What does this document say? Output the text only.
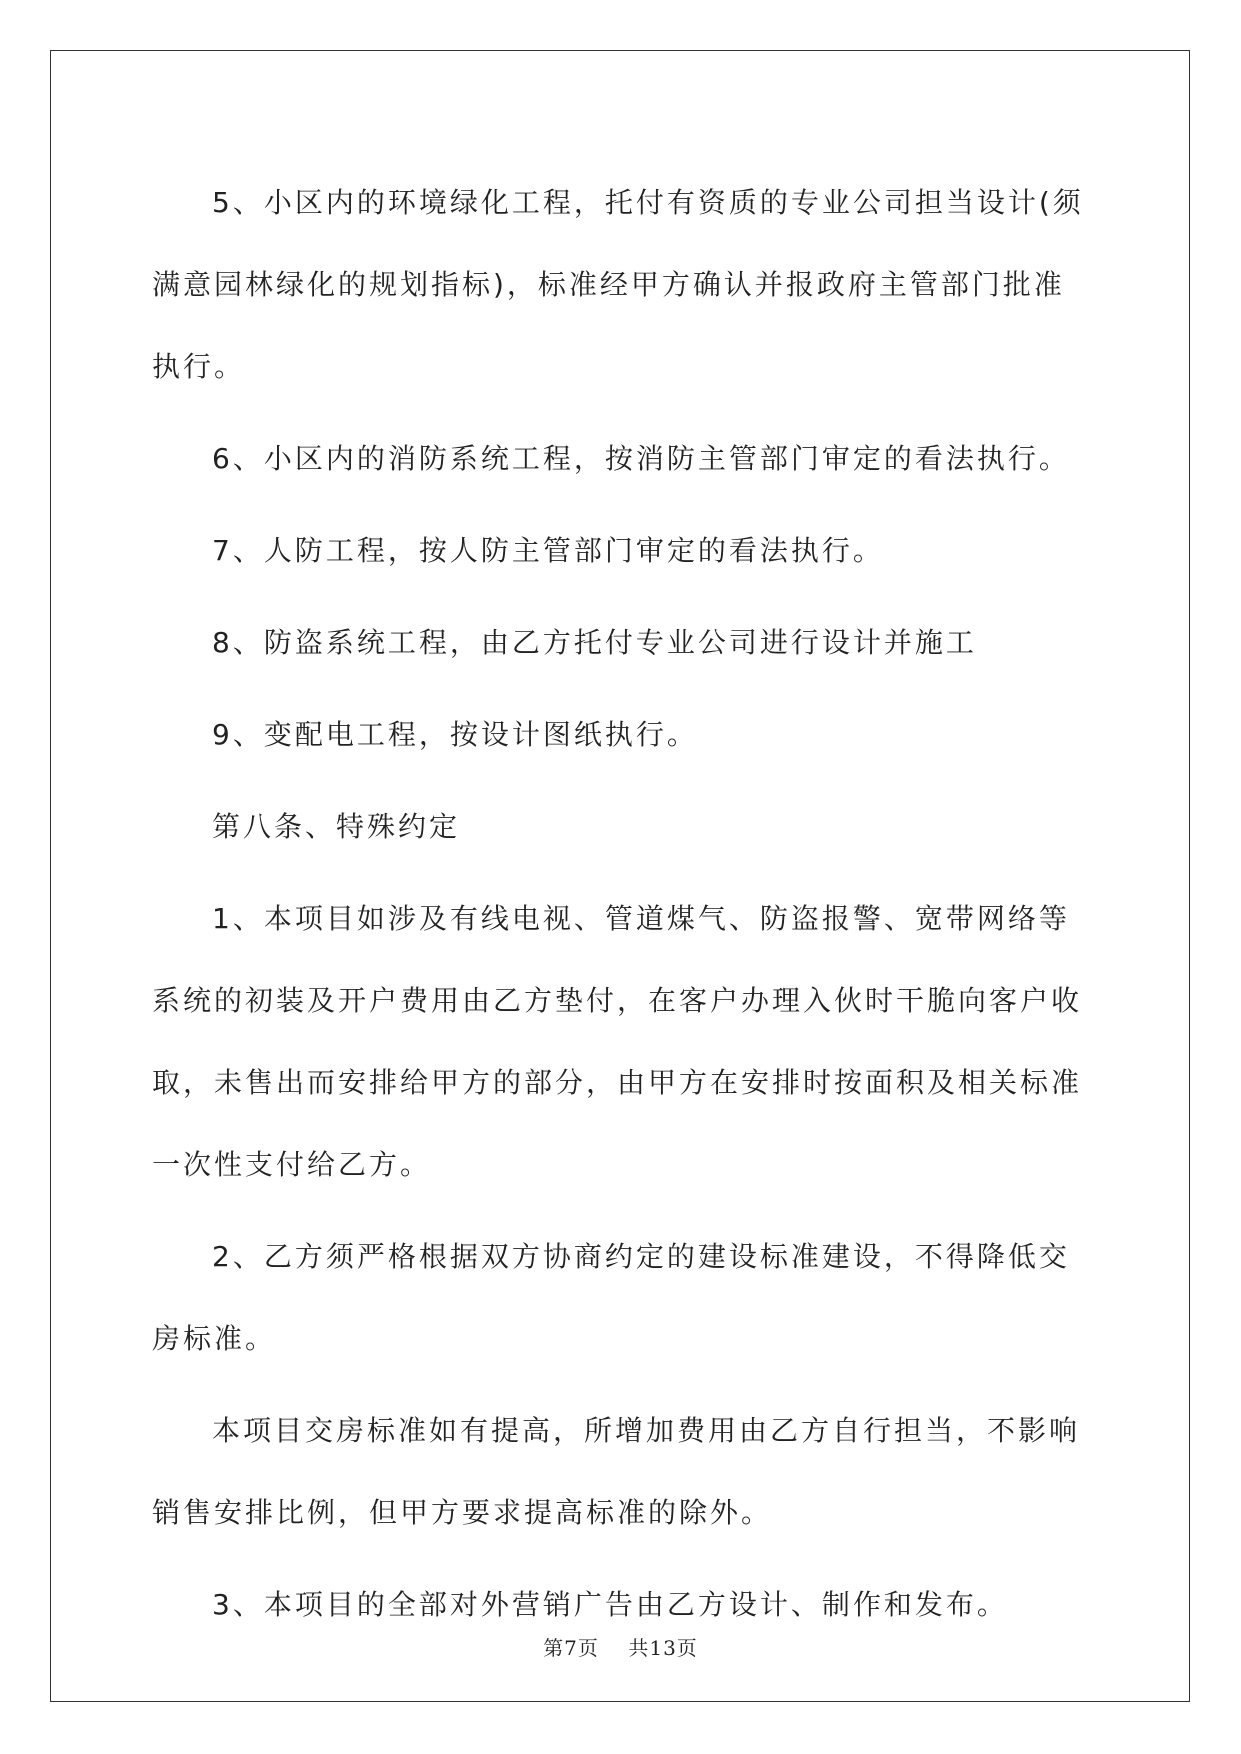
5、小区内的环境绿化工程，托付有资质的专业公司担当设计(须满意园林绿化的规划指标)，标准经甲方确认并报政府主管部门批准执行。

6、小区内的消防系统工程，按消防主管部门审定的看法执行。

7、人防工程，按人防主管部门审定的看法执行。

8、防盗系统工程，由乙方托付专业公司进行设计并施工

9、变配电工程，按设计图纸执行。

第八条、特殊约定

1、本项目如涉及有线电视、管道煤气、防盗报警、宽带网络等系统的初装及开户费用由乙方垫付，在客户办理入伙时干脆向客户收取，未售出而安排给甲方的部分，由甲方在安排时按面积及相关标准一次性支付给乙方。

2、乙方须严格根据双方协商约定的建设标准建设，不得降低交房标准。

本项目交房标准如有提高，所增加费用由乙方自行担当，不影响销售安排比例，但甲方要求提高标准的除外。

3、本项目的全部对外营销广告由乙方设计、制作和发布。

第7页 共13页
